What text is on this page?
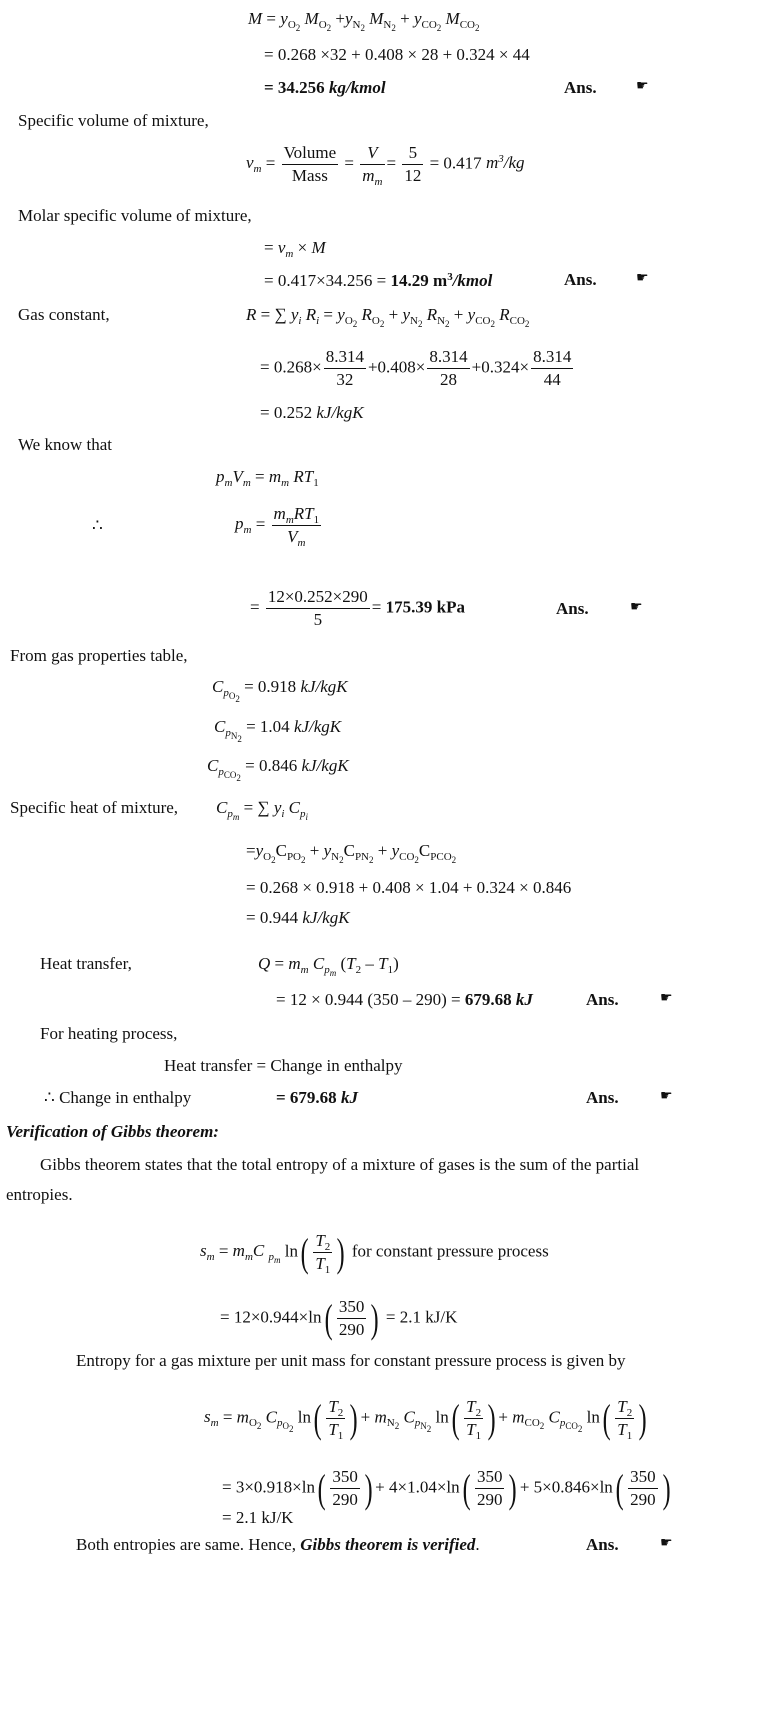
$M = y_{O_2}$ $M_{O_2} +y_{N_2}$ $M_{N_2} + y_{CO_2}$ $M_{CO_2}$
= 0.268 ×32 + 0.408 × 28 + 0.324 × 44
= 34.256 kg/kmol	Ans.	☛
Specific volume of mixture,
$v_m = \frac{\text{Volume}}{\text{Mass}} = \frac{V}{m_m} = \frac{5}{12} = 0.417$ $m^3/kg$
Molar specific volume of mixture,
= $v_m \times M$
= 0.417×34.256 = 14.29 $m^3$/kmol	Ans.	☛
Gas constant,	R = ∑ $y_i$ $R_i = y_{O_2}$ $R_{O_2} + y_{N_2}$ $R_{N_2} + y_{CO_2}$ $R_{CO_2}$
= $0.268\times \frac{8.314}{32} +0.408\times \frac{8.314}{28} +0.324\times \frac{8.314}{44}$
= 0.252 kJ/kgK
We know that
$p_mV_m = m_m$ $RT_1$
∴	$p_m = \frac{m_mRT_1}{V_m}$
= $\frac{12\times 0.252\times 290}{5} = 175.39$ kPa	Ans.	☛
From gas properties table,
$C_{p_{O_2}} = 0.918$ kJ/kgK
$C_{p_{N_2}} = 1.04$ kJ/kgK
$C_{p_{CO_2}} = 0.846$ kJ/kgK
Specific heat of mixture, $C_{p_m}$ = ∑ $y_i$ $C_{p_i}$
$=y_{O_2}C_{PO_2} + y_{N_2}C_{PN_2} + y_{CO_2}C_{PCO_2}$
= 0.268 × 0.918 + 0.408 × 1.04 + 0.324 × 0.846
= 0.944 kJ/kgK
Heat transfer,	$Q = m_m$ $C_{p_m}$ $(T_2 - T_1)$
= 12 × 0.944 (350 – 290) = 679.68 kJ	Ans.	☛
For heating process,
Heat transfer = Change in enthalpy
∴ Change in enthalpy	= 679.68 kJ	Ans.	☛
Verification of Gibbs theorem:
Gibbs theorem states that the total entropy of a mixture of gases is the sum of the partial
entropies.
$s_m = m_mC$ $_{p_m}$ $\ln( \frac{T_2}{T_1}$ ) for constant pressure process
= $12\times 0.944\times\ln( \frac{350}{290}$ ) = 2.1 kJ/K
Entropy for a gas mixture per unit mass for constant pressure process is given by
$s_m = m_{O_2}$ $C_{p_{O_2}}$ $\ln( \frac{T_2}{T_1}$ ) + $m_{N_2}$ $C_{p_{N_2}}$ $\ln( \frac{T_2}{T_1}$ ) + $m_{CO_2}$ $C_{p_{CO_2}}$ $\ln( \frac{T_2}{T_1}$ )
= $3\times 0.918\times\ln( \frac{350}{290}$ ) + $4\times 1.04\times\ln( \frac{350}{290}$ ) + $5\times 0.846\times\ln( \frac{350}{290}$ )
= 2.1 kJ/K
Both entropies are same. Hence, Gibbs theorem is verified.	Ans.	☛
